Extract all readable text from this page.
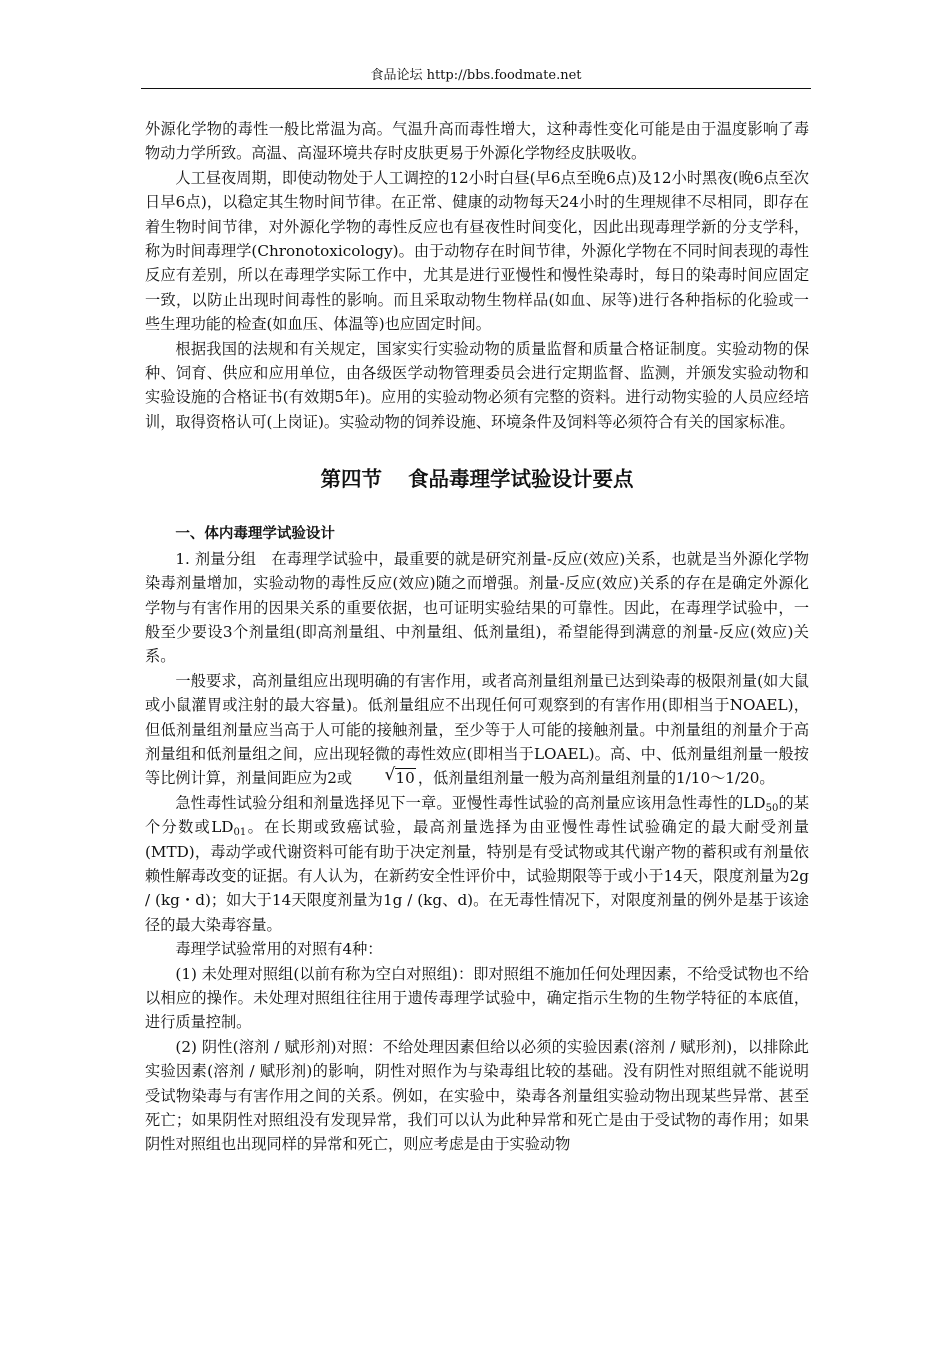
食品论坛 http://bbs.foodmate.net

外源化学物的毒性一般比常温为高。气温升高而毒性增大，这种毒性变化可能是由于温度影响了毒物动力学所致。高温、高湿环境共存时皮肤更易于外源化学物经皮肤吸收。

人工昼夜周期，即使动物处于人工调控的12小时白昼(早6点至晚6点)及12小时黑夜(晚6点至次日早6点)，以稳定其生物时间节律。在正常、健康的动物每天24小时的生理规律不尽相同，即存在着生物时间节律，对外源化学物的毒性反应也有昼夜性时间变化，因此出现毒理学新的分支学科，称为时间毒理学(Chronotoxicology)。由于动物存在时间节律，外源化学物在不同时间表现的毒性反应有差别，所以在毒理学实际工作中，尤其是进行亚慢性和慢性染毒时，每日的染毒时间应固定一致，以防止出现时间毒性的影响。而且采取动物生物样品(如血、尿等)进行各种指标的化验或一些生理功能的检查(如血压、体温等)也应固定时间。

根据我国的法规和有关规定，国家实行实验动物的质量监督和质量合格证制度。实验动物的保种、饲育、供应和应用单位，由各级医学动物管理委员会进行定期监督、监测，并颁发实验动物和实验设施的合格证书(有效期5年)。应用的实验动物必须有完整的资料。进行动物实验的人员应经培训，取得资格认可(上岗证)。实验动物的饲养设施、环境条件及饲料等必须符合有关的国家标准。

第四节 食品毒理学试验设计要点

一、体内毒理学试验设计

1. 剂量分组　在毒理学试验中，最重要的就是研究剂量-反应(效应)关系，也就是当外源化学物染毒剂量增加，实验动物的毒性反应(效应)随之而增强。剂量-反应(效应)关系的存在是确定外源化学物与有害作用的因果关系的重要依据，也可证明实验结果的可靠性。因此，在毒理学试验中，一般至少要设3个剂量组(即高剂量组、中剂量组、低剂量组)，希望能得到满意的剂量-反应(效应)关系。

一般要求，高剂量组应出现明确的有害作用，或者高剂量组剂量已达到染毒的极限剂量(如大鼠或小鼠灌胃或注射的最大容量)。低剂量组应不出现任何可观察到的有害作用(即相当于NOAEL)，但低剂量组剂量应当高于人可能的接触剂量，至少等于人可能的接触剂量。中剂量组的剂量介于高剂量组和低剂量组之间，应出现轻微的毒性效应(即相当于LOAEL)。高、中、低剂量组剂量一般按等比例计算，剂量间距应为2或	√ 10 ，低剂量组剂量一般为高剂量组剂量的1/10～1/20。

急性毒性试验分组和剂量选择见下一章。亚慢性毒性试验的高剂量应该用急性毒性的$LD_{50}$的某个分数或$LD_{01}$。在长期或致癌试验，最高剂量选择为由亚慢性毒性试验确定的最大耐受剂量(MTD)，毒动学或代谢资料可能有助于决定剂量，特别是有受试物或其代谢产物的蓄积或有剂量依赖性解毒改变的证据。有人认为，在新药安全性评价中，试验期限等于或小于14天，限度剂量为2g / (kg・d)；如大于14天限度剂量为1g / (kg、d)。在无毒性情况下，对限度剂量的例外是基于该途径的最大染毒容量。

毒理学试验常用的对照有4种：

(1) 未处理对照组(以前有称为空白对照组)：即对照组不施加任何处理因素，不给受试物也不给以相应的操作。未处理对照组往往用于遗传毒理学试验中，确定指示生物的生物学特征的本底值，进行质量控制。

(2) 阴性(溶剂 / 赋形剂)对照：不给处理因素但给以必须的实验因素(溶剂 / 赋形剂)，以排除此实验因素(溶剂 / 赋形剂)的影响，阴性对照作为与染毒组比较的基础。没有阴性对照组就不能说明受试物染毒与有害作用之间的关系。例如，在实验中，染毒各剂量组实验动物出现某些异常、甚至死亡；如果阴性对照组没有发现异常，我们可以认为此种异常和死亡是由于受试物的毒作用；如果阴性对照组也出现同样的异常和死亡，则应考虑是由于实验动物
